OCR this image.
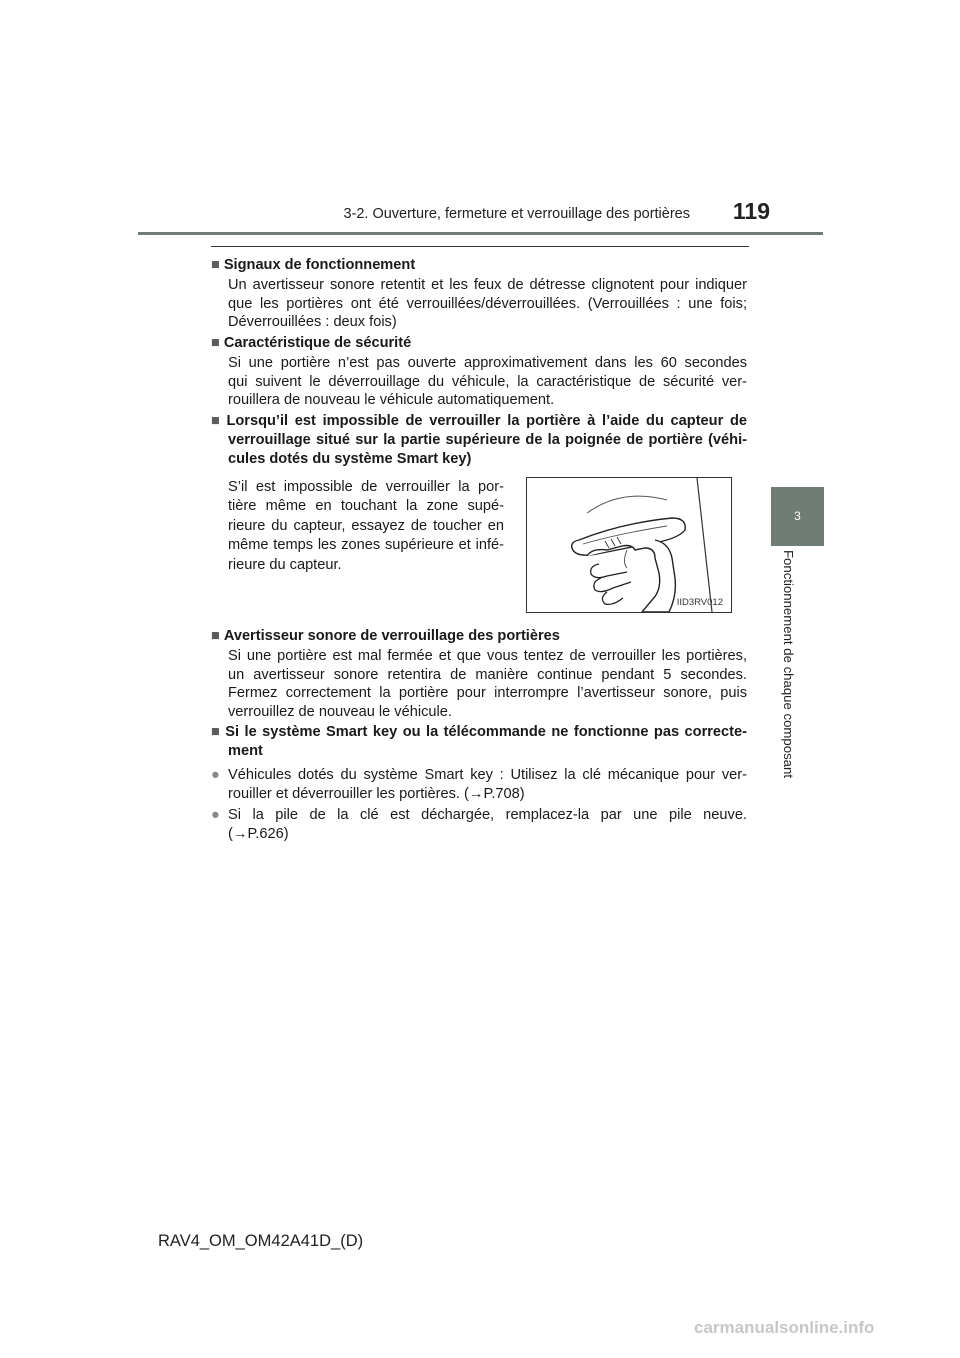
3-2. Ouverture, fermeture et verrouillage des portières	119
3
Fonctionnement de chaque composant
■ Signaux de fonctionnement
Un avertisseur sonore retentit et les feux de détresse clignotent pour indiquer
que les portières ont été verrouillées/déverrouillées. (Verrouillées : une fois;
Déverrouillées : deux fois)
■ Caractéristique de sécurité
Si une portière n’est pas ouverte approximativement dans les 60 secondes
qui suivent le déverrouillage du véhicule, la caractéristique de sécurité ver-
rouillera de nouveau le véhicule automatiquement.
■ Lorsqu’il est impossible de verrouiller la portière à l’aide du capteur de
verrouillage situé sur la partie supérieure de la poignée de portière (véhi-
cules dotés du système Smart key)
S’il est impossible de verrouiller la por-
tière même en touchant la zone supé-
rieure du capteur, essayez de toucher en
même temps les zones supérieure et infé-
rieure du capteur.
IID3RV012
■ Avertisseur sonore de verrouillage des portières
Si une portière est mal fermée et que vous tentez de verrouiller les portières,
un avertisseur sonore retentira de manière continue pendant 5 secondes.
Fermez correctement la portière pour interrompre l’avertisseur sonore, puis
verrouillez de nouveau le véhicule.
■ Si le système Smart key ou la télécommande ne fonctionne pas correcte-
ment
● Véhicules dotés du système Smart key : Utilisez la clé mécanique pour ver-
rouiller et déverrouiller les portières. (→P.708)
● Si la pile de la clé est déchargée, remplacez-la par une pile neuve.
(→P.626)
RAV4_OM_OM42A41D_(D)
carmanualsonline.info
